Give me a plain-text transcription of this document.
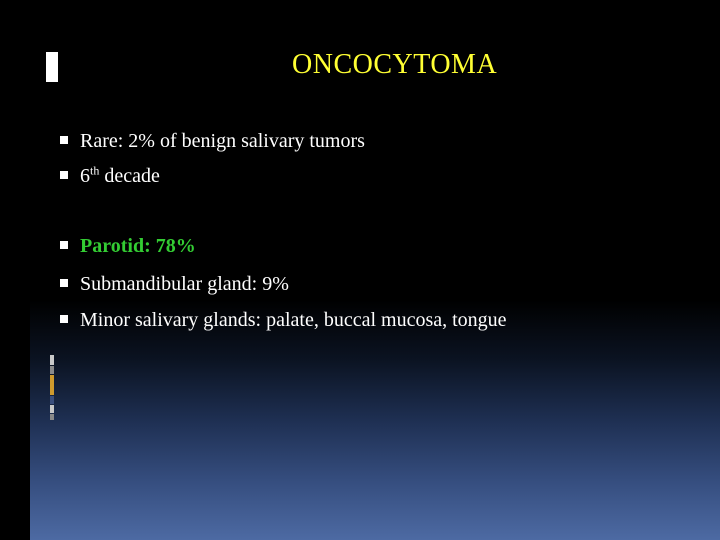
ONCOCYTOMA
Rare: 2% of benign salivary tumors
6th decade
Parotid: 78%
Submandibular gland: 9%
Minor salivary glands: palate, buccal mucosa, tongue
